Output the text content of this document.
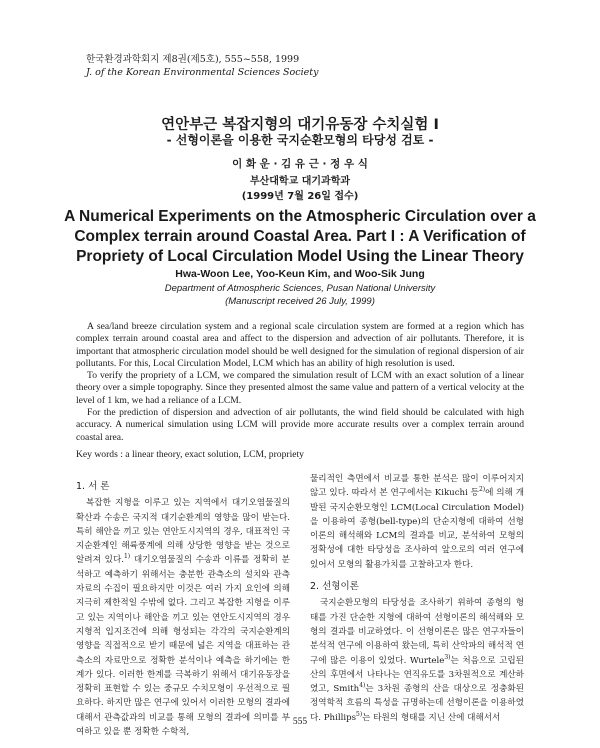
한국환경과학회지 제8권(제5호), 555~558, 1999
J. of the Korean Environmental Sciences Society
연안부근 복잡지형의 대기유동장 수치실험 I
- 선형이론을 이용한 국지순환모형의 타당성 검토 -
이 화 운 · 김 유 근 · 정 우 식
부산대학교 대기과학과
(1999년 7월 26일 접수)
A Numerical Experiments on the Atmospheric Circulation over a Complex terrain around Coastal Area. Part I : A Verification of Propriety of Local Circulation Model Using the Linear Theory
Hwa-Woon Lee, Yoo-Keun Kim, and Woo-Sik Jung
Department of Atmospheric Sciences, Pusan National University
(Manuscript received 26 July, 1999)

A sea/land breeze circulation system and a regional scale circulation system are formed at a region which has complex terrain around coastal area and affect to the dispersion and advection of air pollutants. Therefore, it is important that atmospheric circulation model should be well designed for the simulation of regional dispersion of air pollutants. For this, Local Circulation Model, LCM which has an ability of high resolution is used.

To verify the propriety of a LCM, we compared the simulation result of LCM with an exact solution of a linear theory over a simple topography. Since they presented almost the same value and pattern of a vertical velocity at the level of 1 km, we had a reliance of a LCM.

For the prediction of dispersion and advection of air pollutants, the wind field should be calculated with high accuracy. A numerical simulation using LCM will provide more accurate results over a complex terrain around coastal area.

Key words : a linear theory, exact solution, LCM, propriety
1. 서 론

복잡한 지형을 이루고 있는 지역에서 대기오염물질의 확산과 수송은 국지적 대기순환계의 영향을 많이 받는다. 특히 해안을 끼고 있는 연안도시지역의 경우, 대표적인 국지순환계인 해륙풍계에 의해 상당한 영향을 받는 것으로 알려져 있다.$^{1)}$ 대기오염물질의 수송과 이류를 정확히 분석하고 예측하기 위해서는 충분한 관측소의 설치와 관측자료의 수집이 필요하지만 이것은 여러 가지 요인에 의해 지극히 제한적일 수밖에 없다. 그리고 복잡한 지형을 이루고 있는 지역이나 해안을 끼고 있는 연안도시지역의 경우 지형적 입지조건에 의해 형성되는 각각의 국지순환계의 영향을 직접적으로 받기 때문에 넓은 지역을 대표하는 관측소의 자료만으로 정확한 분석이나 예측을 하기에는 한계가 있다. 이러한 한계를 극복하기 위해서 대기유동장을 정확히 표현할 수 있는 중규모 수치모형이 우선적으로 필요하다. 하지만 많은 연구에 있어서 이러한 모형의 결과에 대해서 관측값과의 비교를 통해 모형의 결과에 의미를 부여하고 있을 뿐 정확한 수학적,

물리적인 측면에서 비교를 통한 분석은 많이 이루어지지 않고 있다. 따라서 본 연구에서는 Kikuchi 등$^{2)}$에 의해 개발된 국지순환모형인 LCM(Local Circulation Model)을 이용하여 종형(bell-type)의 단순지형에 대하여 선형이론의 해석해와 LCM의 결과를 비교, 분석하여 모형의 정확성에 대한 타당성을 조사하여 앞으로의 여러 연구에 있어서 모형의 활용가치를 고찰하고자 한다.

2. 선형이론

국지순환모형의 타당성을 조사하기 위하여 종형의 형태를 가진 단순한 지형에 대하여 선형이론의 해석해와 모형의 결과를 비교하였다. 이 선형이론은 많은 연구자들이 분석적 연구에 이용하여 왔는데, 특히 산악파의 해석적 연구에 많은 이용이 있었다. Wurtele$^{3)}$는 처음으로 고립된 산의 후면에서 나타나는 연직유도를 3차원적으로 계산하였고, Smith$^{4)}$는 3차원 종형의 산을 대상으로 정충화된 정역학적 흐름의 특성을 규명하는데 선형이론을 이용하였다. Phillips$^{5)}$는 타원의 형태를 지닌 산에 대해서서

555
